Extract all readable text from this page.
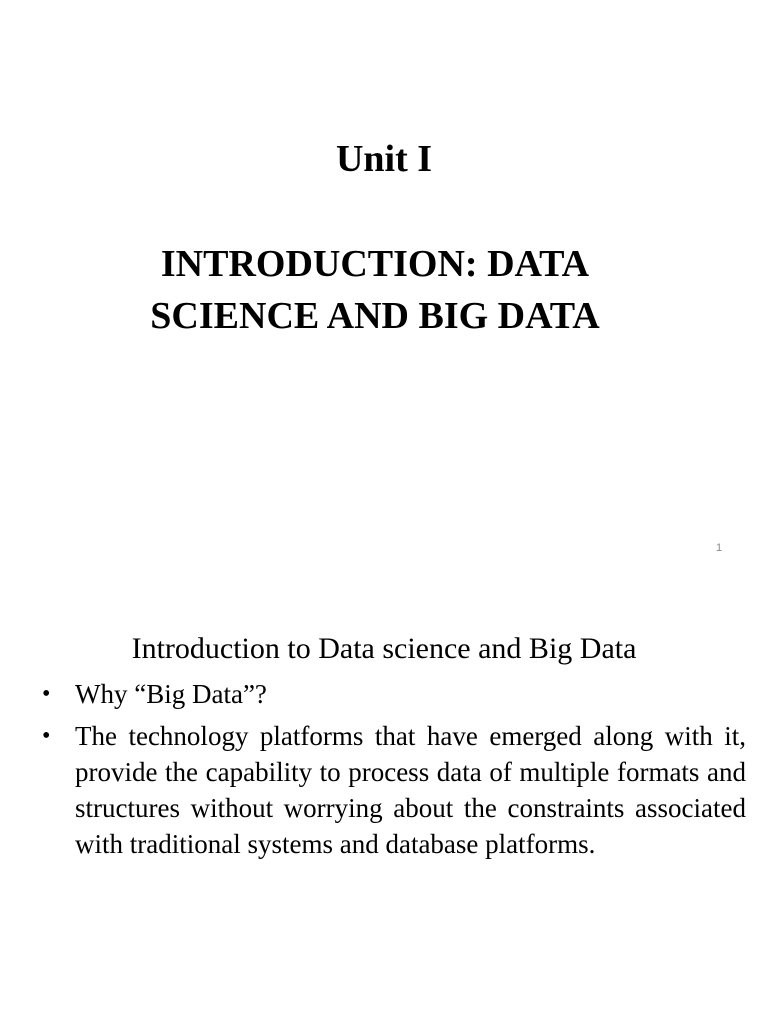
Unit I
INTRODUCTION: DATA
SCIENCE AND BIG DATA
1
Introduction to Data science and Big Data
• Why “Big Data”?
• The technology platforms that have emerged along with it, provide the capability to process data of multiple formats and structures without worrying about the constraints associated with traditional systems and database platforms.
